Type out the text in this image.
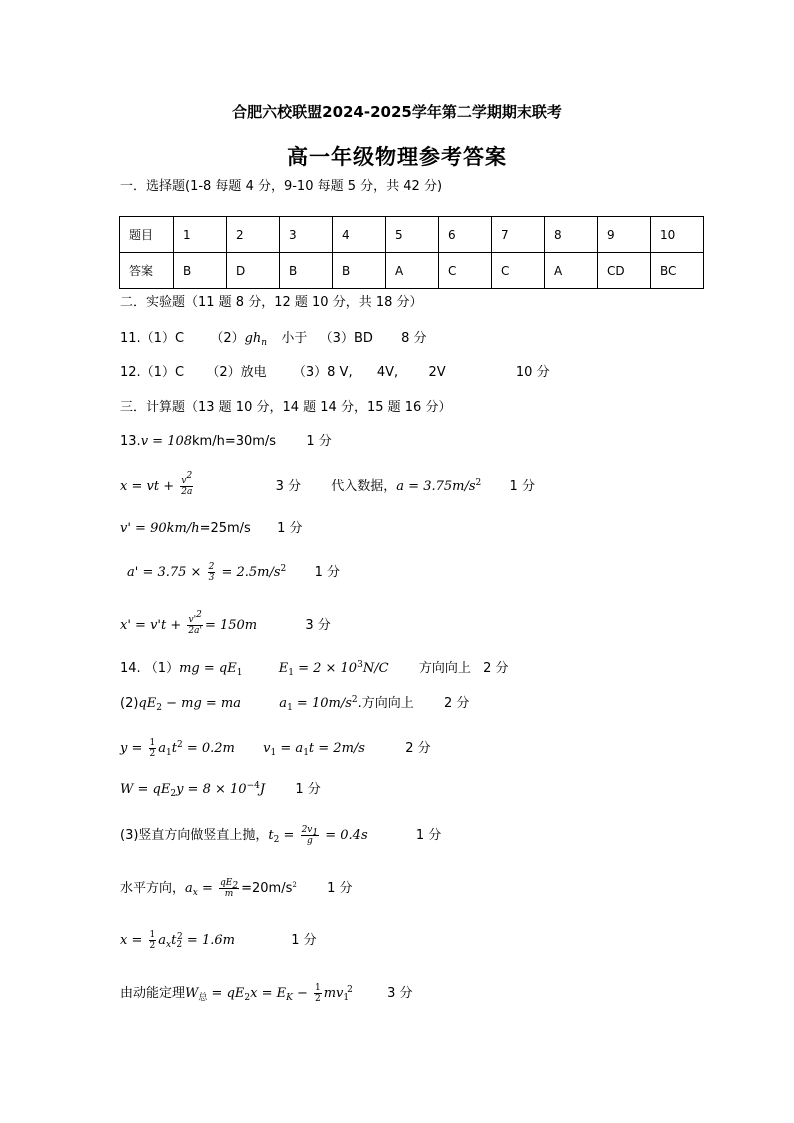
合肥六校联盟2024-2025学年第二学期期末联考
高一年级物理参考答案
一．选择题(1-8 每题 4 分，9-10 每题 5 分，共 42 分)
题目	1	2	3	4	5	6	7	8	9	10
答案	B	D	B	B	A	C	C	A	CD	BC
二．实验题（11 题 8 分，12 题 10 分，共 18 分）
11.（1）C $(2)gh_n$ 小于 （3）BD 8 分
12.（1）C （2）放电 （3）8 V, 4V, 2V	10 分
三．计算题（13 题 10 分，14 题 14 分，15 题 16 分）
13.v = 108km/h=30m/s 1 分
x = vt + $\frac{v^2}{2a}$	3 分 代入数据，$a = 3.75m/s^2$ 1 分
v' = 90km/h=25m/s 1 分
$a' = 3.75 \times \frac{2}{3} = 2.5m/s^2$ 1 分
$x' = v't + \frac{v'^2}{2a'} = 150m$	3 分
14. $(1)mg = qE_1$	$E_1 = 2 \times 10^3N/C$ 方向向上 2 分
$(2)qE_2$ − mg = ma	$a_1 = 10m/s^2$.方向向上 2 分
$y = \frac{1}{2} a_1t^2 = 0.2m$ $v_1 = a_1t = 2m/s$	2 分
$W = qE_2y = 8 \times 10^{-4}J$ 1 分
(3)竖直方向做竖直上抛，$t_2 = \frac{2v_1}{g} = 0.4s$	1 分
水平方向，$a_x = \frac{qE_2}{m} =20m/s^2$ 1 分
$x = \frac{1}{2} a_xt_2^2 = 1.6m$	1 分
由动能定理$W_总 = qE_2x = E_K - \frac{1}{2} mv_1^2$	3 分
